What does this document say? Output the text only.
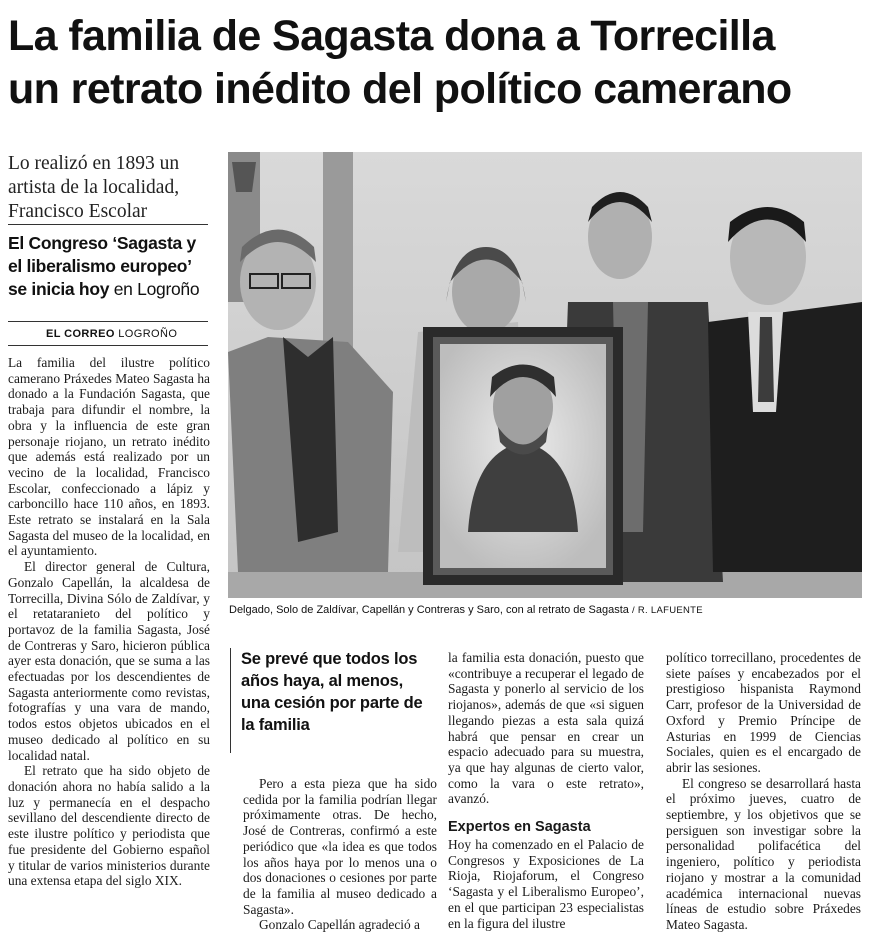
La familia de Sagasta dona a Torrecilla
un retrato inédito del político camerano
Lo realizó en 1893 un artista de la localidad, Francisco Escolar
El Congreso ‘Sagasta y el liberalismo europeo’ se inicia hoy en Logroño
EL CORREO LOGROÑO
Delgado, Solo de Zaldívar, Capellán y Contreras y Saro, con al retrato de Sagasta / R. LAFUENTE

La familia del ilustre político camerano Práxedes Mateo Sagasta ha donado a la Fundación Sagasta, que trabaja para difundir el nombre, la obra y la influencia de este gran personaje riojano, un retrato inédito que además está realizado por un vecino de la localidad, Francisco Escolar, confeccionado a lápiz y carboncillo hace 110 años, en 1893. Este retrato se instalará en la Sala Sagasta del museo de la localidad, en el ayuntamiento.

El director general de Cultura, Gonzalo Capellán, la alcaldesa de Torrecilla, Divina Sólo de Zaldívar, y el retataranieto del político y portavoz de la familia Sagasta, José de Contreras y Saro, hicieron pública ayer esta donación, que se suma a las efectuadas por los descendientes de Sagasta anteriormente como revistas, fotografías y una vara de mando, todos estos objetos ubicados en el museo dedicado al político en su localidad natal.

El retrato que ha sido objeto de donación ahora no había salido a la luz y permanecía en el despacho sevillano del descendiente directo de este ilustre político y periodista que fue presidente del Gobierno español y titular de varios ministerios durante una extensa etapa del siglo XIX.

Se prevé que todos los años haya, al menos, una cesión por parte de la familia

Pero a esta pieza que ha sido cedida por la familia podrían llegar próximamente otras. De hecho, José de Contreras, confirmó a este periódico que «la idea es que todos los años haya por lo menos una o dos donaciones o cesiones por parte de la familia al museo dedicado a Sagasta».

Gonzalo Capellán agradeció a

la familia esta donación, puesto que «contribuye a recuperar el legado de Sagasta y ponerlo al servicio de los riojanos», además de que «si siguen llegando piezas a esta sala quizá habrá que pensar en crear un espacio adecuado para su muestra, ya que hay algunas de cierto valor, como la vara o este retrato», avanzó.

Expertos en Sagasta

Hoy ha comenzado en el Palacio de Congresos y Exposiciones de La Rioja, Riojaforum, el Congreso ‘Sagasta y el Liberalismo Europeo’, en el que participan 23 especialistas en la figura del ilustre

político torrecillano, procedentes de siete países y encabezados por el prestigioso hispanista Raymond Carr, profesor de la Universidad de Oxford y Premio Príncipe de Asturias en 1999 de Ciencias Sociales, quien es el encargado de abrir las sesiones.

El congreso se desarrollará hasta el próximo jueves, cuatro de septiembre, y los objetivos que se persiguen son investigar sobre la personalidad polifacética del ingeniero, político y periodista riojano y mostrar a la comunidad académica internacional nuevas líneas de estudio sobre Práxedes Mateo Sagasta.
